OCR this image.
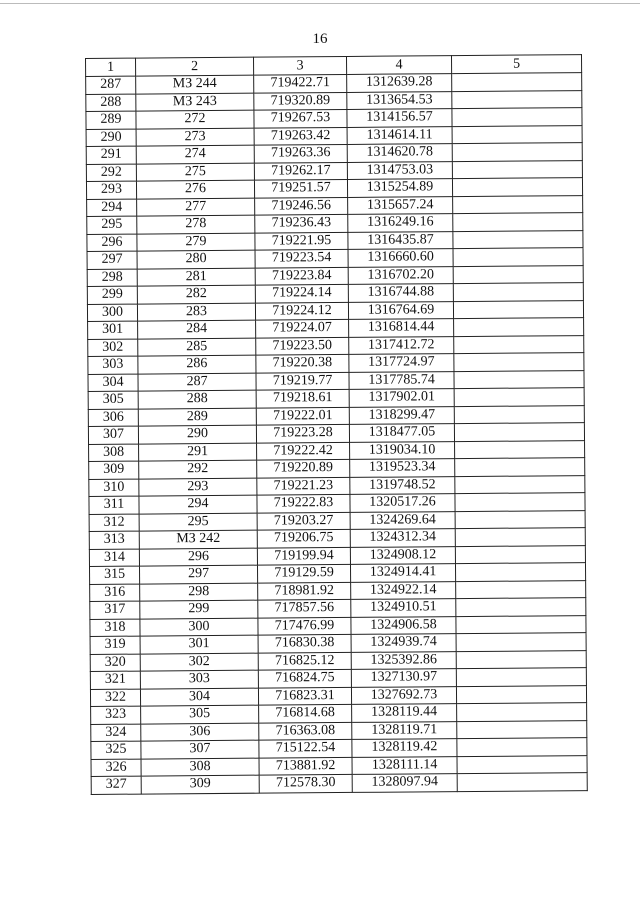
16
1	2	3	4	5
287	МЗ 244	719422.71	1312639.28	
288	МЗ 243	719320.89	1313654.53	
289	272	719267.53	1314156.57	
290	273	719263.42	1314614.11	
291	274	719263.36	1314620.78	
292	275	719262.17	1314753.03	
293	276	719251.57	1315254.89	
294	277	719246.56	1315657.24	
295	278	719236.43	1316249.16	
296	279	719221.95	1316435.87	
297	280	719223.54	1316660.60	
298	281	719223.84	1316702.20	
299	282	719224.14	1316744.88	
300	283	719224.12	1316764.69	
301	284	719224.07	1316814.44	
302	285	719223.50	1317412.72	
303	286	719220.38	1317724.97	
304	287	719219.77	1317785.74	
305	288	719218.61	1317902.01	
306	289	719222.01	1318299.47	
307	290	719223.28	1318477.05	
308	291	719222.42	1319034.10	
309	292	719220.89	1319523.34	
310	293	719221.23	1319748.52	
311	294	719222.83	1320517.26	
312	295	719203.27	1324269.64	
313	МЗ 242	719206.75	1324312.34	
314	296	719199.94	1324908.12	
315	297	719129.59	1324914.41	
316	298	718981.92	1324922.14	
317	299	717857.56	1324910.51	
318	300	717476.99	1324906.58	
319	301	716830.38	1324939.74	
320	302	716825.12	1325392.86	
321	303	716824.75	1327130.97	
322	304	716823.31	1327692.73	
323	305	716814.68	1328119.44	
324	306	716363.08	1328119.71	
325	307	715122.54	1328119.42	
326	308	713881.92	1328111.14	
327	309	712578.30	1328097.94	
